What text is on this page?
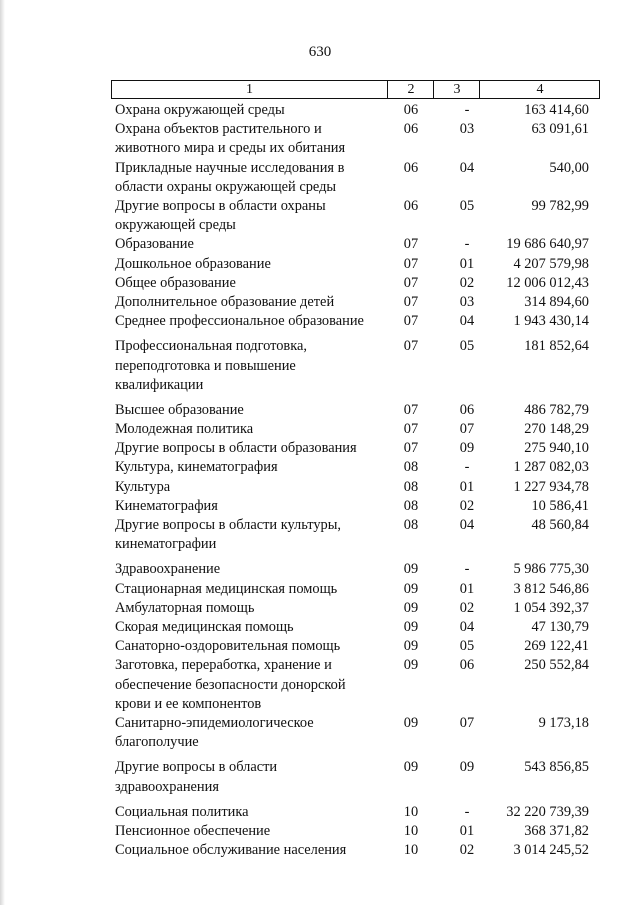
630
1	2	3	4
Охрана окружающей среды	06	-	163 414,60
Охрана объектов растительного и
животного мира и среды их обитания
06	03	63 091,61
Прикладные научные исследования в
области охраны окружающей среды
06	04	540,00
Другие вопросы в области охраны
окружающей среды
06	05	99 782,99
Образование	07	-	19 686 640,97
Дошкольное образование	07	01	4 207 579,98
Общее образование	07	02	12 006 012,43
Дополнительное образование детей	07	03	314 894,60
Среднее профессиональное образование	07	04	1 943 430,14
Профессиональная подготовка,
переподготовка и повышение
квалификации
07	05	181 852,64
Высшее образование	07	06	486 782,79
Молодежная политика	07	07	270 148,29
Другие вопросы в области образования	07	09	275 940,10
Культура, кинематография	08	-	1 287 082,03
Культура	08	01	1 227 934,78
Кинематография	08	02	10 586,41
Другие вопросы в области культуры,
кинематографии
08	04	48 560,84
Здравоохранение	09	-	5 986 775,30
Стационарная медицинская помощь	09	01	3 812 546,86
Амбулаторная помощь	09	02	1 054 392,37
Скорая медицинская помощь	09	04	47 130,79
Санаторно-оздоровительная помощь	09	05	269 122,41
Заготовка, переработка, хранение и
обеспечение безопасности донорской
крови и ее компонентов
09	06	250 552,84
Санитарно-эпидемиологическое
благополучие
09	07	9 173,18
Другие вопросы в области
здравоохранения
09	09	543 856,85
Социальная политика	10	-	32 220 739,39
Пенсионное обеспечение	10	01	368 371,82
Социальное обслуживание населения	10	02	3 014 245,52
